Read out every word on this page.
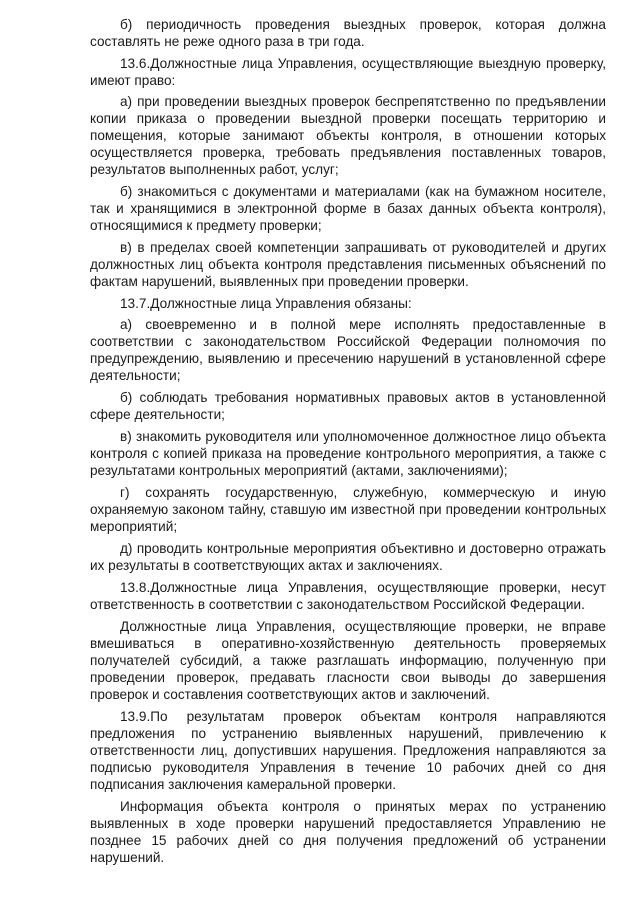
б) периодичность проведения выездных проверок, которая должна составлять не реже одного раза в три года.

13.6.Должностные лица Управления, осуществляющие выездную проверку, имеют право:

а) при проведении выездных проверок беспрепятственно по предъявлении копии приказа о проведении выездной проверки посещать территорию и помещения, которые занимают объекты контроля, в отношении которых осуществляется проверка, требовать предъявления поставленных товаров, результатов выполненных работ, услуг;

б) знакомиться с документами и материалами (как на бумажном носителе, так и хранящимися в электронной форме в базах данных объекта контроля), относящимися к предмету проверки;

в) в пределах своей компетенции запрашивать от руководителей и других должностных лиц объекта контроля представления письменных объяснений по фактам нарушений, выявленных при проведении проверки.

13.7.Должностные лица Управления обязаны:

а) своевременно и в полной мере исполнять предоставленные в соответствии с законодательством Российской Федерации полномочия по предупреждению, выявлению и пресечению нарушений в установленной сфере деятельности;

б) соблюдать требования нормативных правовых актов в установленной сфере деятельности;

в) знакомить руководителя или уполномоченное должностное лицо объекта контроля с копией приказа на проведение контрольного мероприятия, а также с результатами контрольных мероприятий (актами, заключениями);

г) сохранять государственную, служебную, коммерческую и иную охраняемую законом тайну, ставшую им известной при проведении контрольных мероприятий;

д) проводить контрольные мероприятия объективно и достоверно отражать их результаты в соответствующих актах и заключениях.

13.8.Должностные лица Управления, осуществляющие проверки, несут ответственность в соответствии с законодательством Российской Федерации.

Должностные лица Управления, осуществляющие проверки, не вправе вмешиваться в оперативно-хозяйственную деятельность проверяемых получателей субсидий, а также разглашать информацию, полученную при проведении проверок, предавать гласности свои выводы до завершения проверок и составления соответствующих актов и заключений.

13.9.По результатам проверок объектам контроля направляются предложения по устранению выявленных нарушений, привлечению к ответственности лиц, допустивших нарушения. Предложения направляются за подписью руководителя Управления в течение 10 рабочих дней со дня подписания заключения камеральной проверки.

Информация объекта контроля о принятых мерах по устранению выявленных в ходе проверки нарушений предоставляется Управлению не позднее 15 рабочих дней со дня получения предложений об устранении нарушений.
